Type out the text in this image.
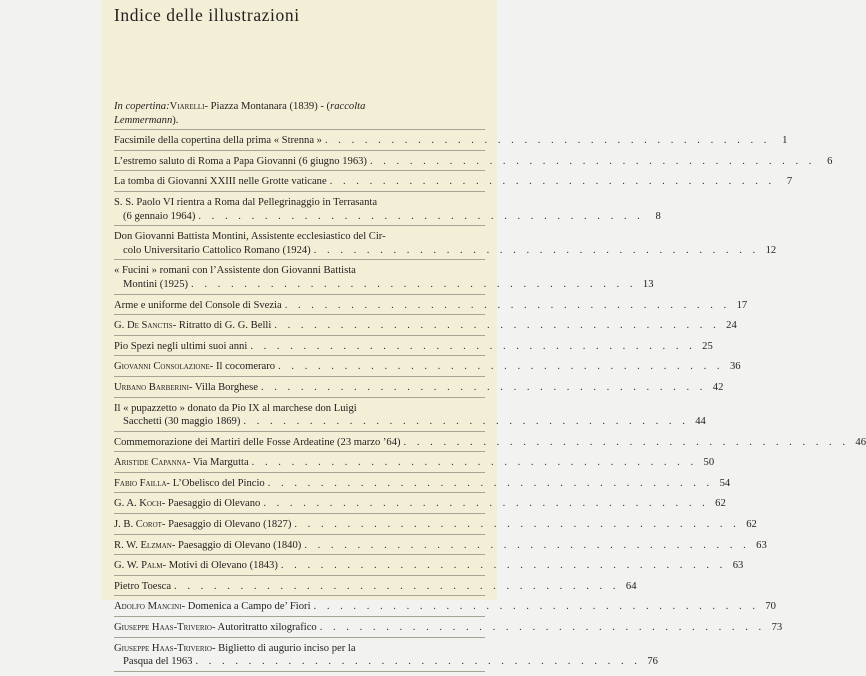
Indice delle illustrazioni
In copertina: Viarelli - Piazza Montanara (1839) - ( raccolta
Lemmermann ).
Facsimile della copertina della prima « Strenna » . . . . . . . . . . . . . . . . . . . . . . . . . . . . . . . . . .	1
L’estremo saluto di Roma a Papa Giovanni (6 giugno 1963) . . . . . . . . . . . . . . . . . . . . . . . . . . . . . . . . . .	6
La tomba di Giovanni XXIII nelle Grotte vaticane . . . . . . . . . . . . . . . . . . . . . . . . . . . . . . . . . .	7
S. S. Paolo VI rientra a Roma dal Pellegrinaggio in Terrasanta
(6 gennaio 1964) . . . . . . . . . . . . . . . . . . . . . . . . . . . . . . . . . .	8
Don Giovanni Battista Montini, Assistente ecclesiastico del Cir-
colo Universitario Cattolico Romano (1924) . . . . . . . . . . . . . . . . . . . . . . . . . . . . . . . . . . 12
« Fucini » romani con l’Assistente don Giovanni Battista
Montini (1925) . . . . . . . . . . . . . . . . . . . . . . . . . . . . . . . . . . 13
Arme e uniforme del Console di Svezia . . . . . . . . . . . . . . . . . . . . . . . . . . . . . . . . . . 17
G. De Sanctis - Ritratto di G. G. Belli . . . . . . . . . . . . . . . . . . . . . . . . . . . . . . . . . . 24
Pio Spezi negli ultimi suoi anni . . . . . . . . . . . . . . . . . . . . . . . . . . . . . . . . . . 25
Giovanni Consolazione - Il cocomeraro . . . . . . . . . . . . . . . . . . . . . . . . . . . . . . . . . . 36
Urbano Barberini - Villa Borghese . . . . . . . . . . . . . . . . . . . . . . . . . . . . . . . . . . 42
Il « pupazzetto » donato da Pio IX al marchese don Luigi
Sacchetti (30 maggio 1869) . . . . . . . . . . . . . . . . . . . . . . . . . . . . . . . . . . 44
Commemorazione dei Martiri delle Fosse Ardeatine (23 marzo ’64) . . . . . . . . . . . . . . . . . . . . . . . . . . . . . . . . . . 46
Aristide Capanna - Via Margutta . . . . . . . . . . . . . . . . . . . . . . . . . . . . . . . . . . 50
Fabio Failla - L’Obelisco del Pincio . . . . . . . . . . . . . . . . . . . . . . . . . . . . . . . . . . 54
G. A. Koch - Paesaggio di Olevano . . . . . . . . . . . . . . . . . . . . . . . . . . . . . . . . . . 62
J. B. Corot - Paesaggio di Olevano (1827) . . . . . . . . . . . . . . . . . . . . . . . . . . . . . . . . . . 62
R. W. Elzman - Paesaggio di Olevano (1840) . . . . . . . . . . . . . . . . . . . . . . . . . . . . . . . . . . 63
G. W. Palm - Motivi di Olevano (1843) . . . . . . . . . . . . . . . . . . . . . . . . . . . . . . . . . . 63
Pietro Toesca . . . . . . . . . . . . . . . . . . . . . . . . . . . . . . . . . . 64
Adolfo Mancini - Domenica a Campo de’ Fiori . . . . . . . . . . . . . . . . . . . . . . . . . . . . . . . . . . 70
Giuseppe Haas-Triverio - Autoritratto xilografico . . . . . . . . . . . . . . . . . . . . . . . . . . . . . . . . . . 73
Giuseppe Haas-Triverio - Biglietto di augurio inciso per la
Pasqua del 1963 . . . . . . . . . . . . . . . . . . . . . . . . . . . . . . . . . . 76
